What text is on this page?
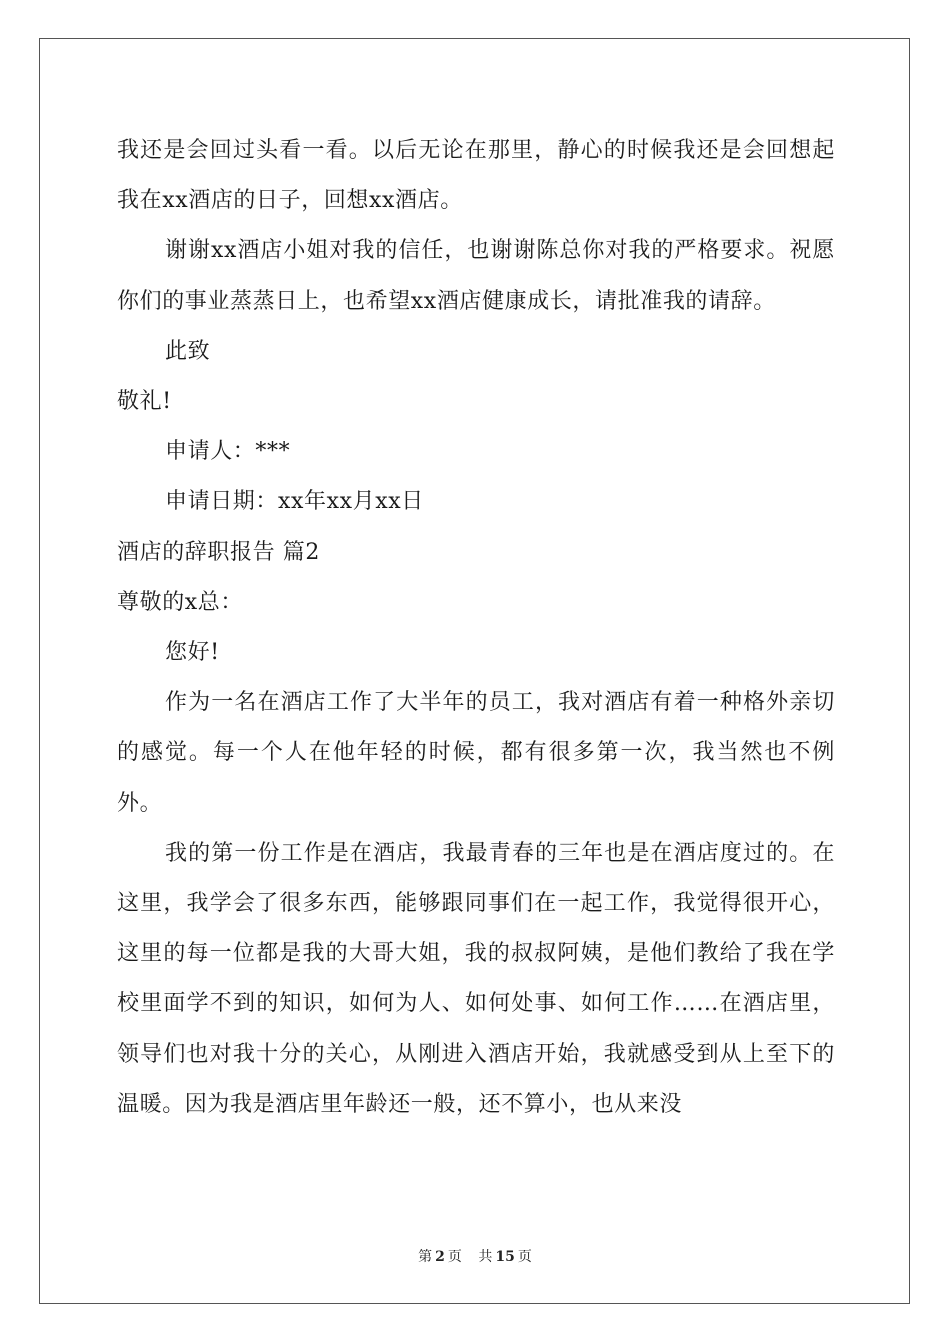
我还是会回过头看一看。以后无论在那里，静心的时候我还是会回想起我在xx酒店的日子，回想xx酒店。

谢谢xx酒店小姐对我的信任，也谢谢陈总你对我的严格要求。祝愿你们的事业蒸蒸日上，也希望xx酒店健康成长，请批准我的请辞。

此致

敬礼!

申请人：***

申请日期：xx年xx月xx日

酒店的辞职报告 篇2

尊敬的x总：

您好!

作为一名在酒店工作了大半年的员工，我对酒店有着一种格外亲切的感觉。每一个人在他年轻的时候，都有很多第一次，我当然也不例外。

我的第一份工作是在酒店，我最青春的三年也是在酒店度过的。在这里，我学会了很多东西，能够跟同事们在一起工作，我觉得很开心，这里的每一位都是我的大哥大姐，我的叔叔阿姨，是他们教给了我在学校里面学不到的知识，如何为人、如何处事、如何工作……在酒店里，领导们也对我十分的关心，从刚进入酒店开始，我就感受到从上至下的温暖。因为我是酒店里年龄还一般，还不算小，也从来没

第 2 页 共 15 页
